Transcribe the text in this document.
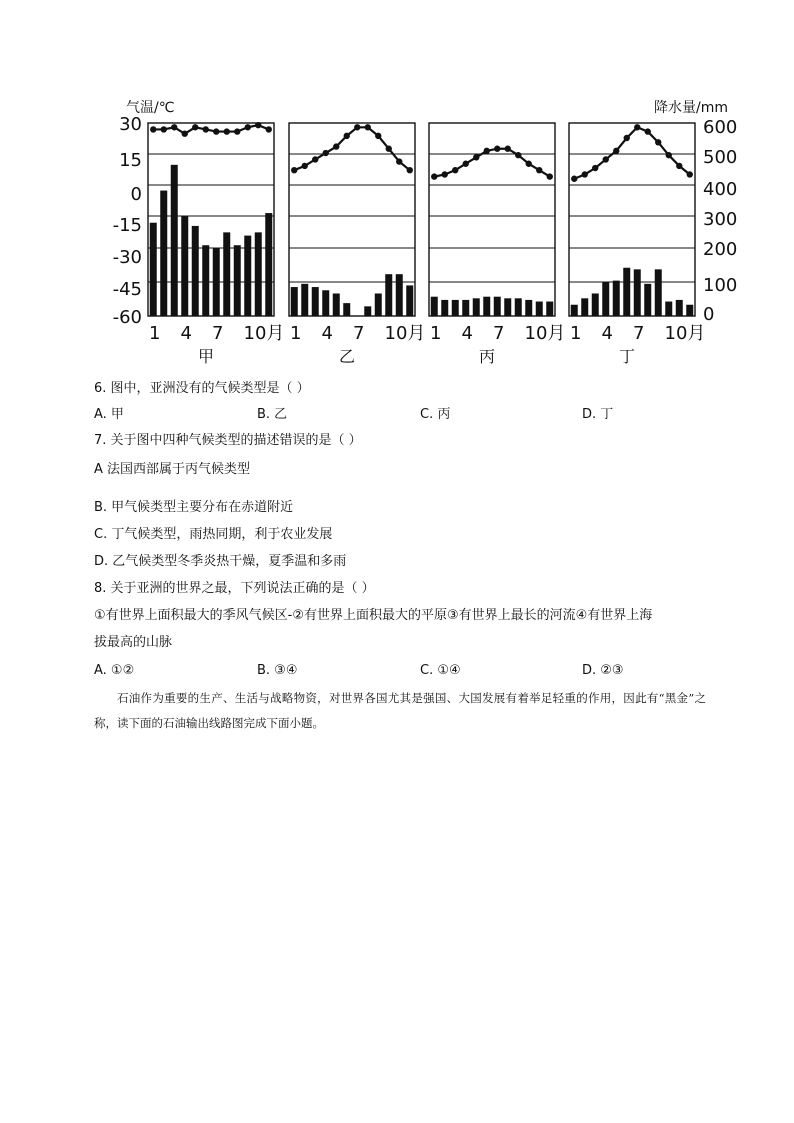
气温/℃	降水量/mm
30
15
0
-15
-30
-45
-60
600
500
400
300
200
100
0
1 4 7 10月
甲
1 4 7 10月
乙
1 4 7 10月
丙
1 4 7 10月
丁
6. 图中，亚洲没有的气候类型是（ ）
A. 甲	B. 乙	C. 丙	D. 丁
7. 关于图中四种气候类型的描述错误的是（ ）
A 法国西部属于丙气候类型
B. 甲气候类型主要分布在赤道附近
C. 丁气候类型，雨热同期，利于农业发展
D. 乙气候类型冬季炎热干燥，夏季温和多雨
8. 关于亚洲的世界之最，下列说法正确的是（ ）
①有世界上面积最大的季风气候区-②有世界上面积最大的平原③有世界上最长的河流④有世界上海
拔最高的山脉
A. ①②	B. ③④	C. ①④	D. ②③
石油作为重要的生产、生活与战略物资，对世界各国尤其是强国、大国发展有着举足轻重的作用，因此有“黑金”之称，读下面的石油输出线路图完成下面小题。
